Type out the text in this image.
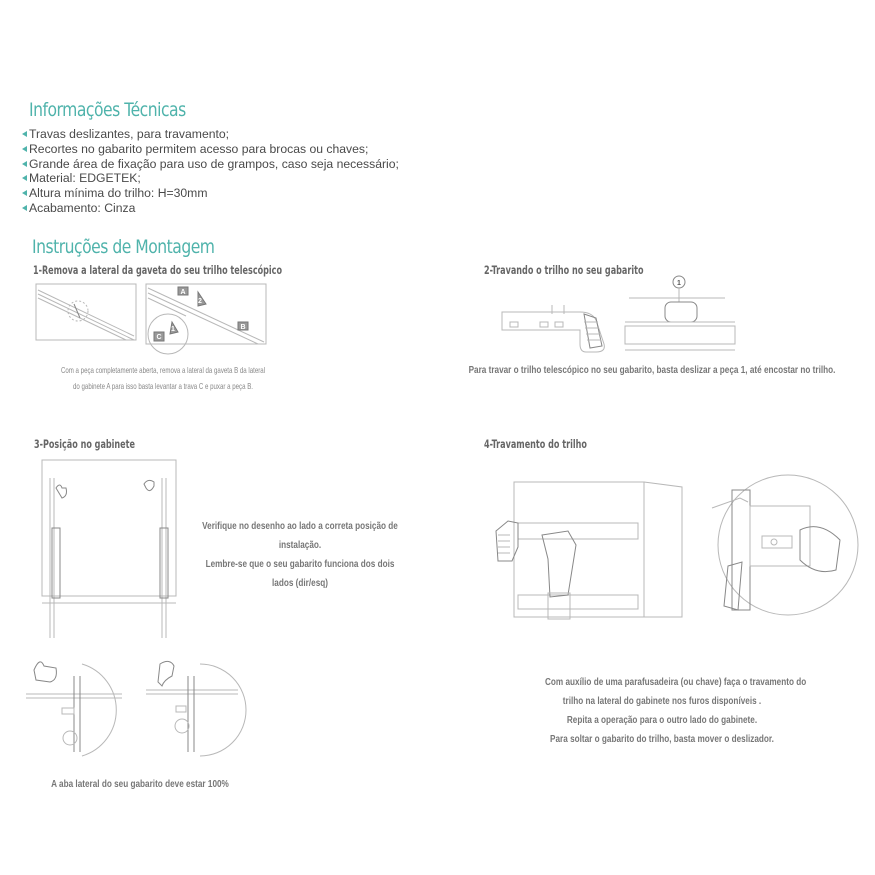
Informações Técnicas
Travas deslizantes, para travamento;
Recortes no gabarito permitem acesso para brocas ou chaves;
Grande área de fixação para uso de grampos, caso seja necessário;
Material: EDGETEK;
Altura mínima do trilho: H=30mm
Acabamento: Cinza
Instruções de Montagem
1-Remova a lateral da gaveta do seu trilho telescópico
A
2
B
C
1
Com a peça completamente aberta, remova a lateral da gaveta B da lateral
do gabinete A para isso basta levantar a trava C e puxar a peça B.
2-Travando o trilho no seu gabarito
1
Para travar o trilho telescópico no seu gabarito, basta deslizar a peça 1, até encostar no trilho.
3-Posição no gabinete
Verifique no desenho ao lado a correta posição de
instalação.
Lembre-se que o seu gabarito funciona dos dois
lados (dir/esq)
A aba lateral do seu gabarito deve estar 100%
4-Travamento do trilho
Com auxílio de uma parafusadeira (ou chave) faça o travamento do
trilho na lateral do gabinete nos furos disponíveis .
Repita a operação para o outro lado do gabinete.
Para soltar o gabarito do trilho, basta mover o deslizador.
